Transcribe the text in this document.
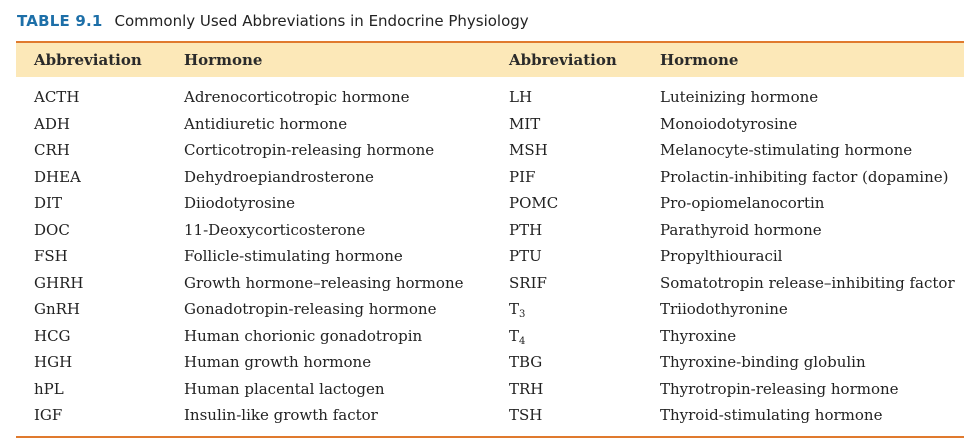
TABLE 9.1 Commonly Used Abbreviations in Endocrine Physiology
Abbreviation	Hormone	Abbreviation	Hormone
ACTH	Adrenocorticotropic hormone	LH	Luteinizing hormone
ADH	Antidiuretic hormone	MIT	Monoiodotyrosine
CRH	Corticotropin-releasing hormone	MSH	Melanocyte-stimulating hormone
DHEA	Dehydroepiandrosterone	PIF	Prolactin-inhibiting factor (dopamine)
DIT	Diiodotyrosine	POMC	Pro-opiomelanocortin
DOC	11-Deoxycorticosterone	PTH	Parathyroid hormone
FSH	Follicle-stimulating hormone	PTU	Propylthiouracil
GHRH	Growth hormone–releasing hormone	SRIF	Somatotropin release–inhibiting factor
GnRH	Gonadotropin-releasing hormone	$T_3$	Triiodothyronine
HCG	Human chorionic gonadotropin	$T_4$	Thyroxine
HGH	Human growth hormone	TBG	Thyroxine-binding globulin
hPL	Human placental lactogen	TRH	Thyrotropin-releasing hormone
IGF	Insulin-like growth factor	TSH	Thyroid-stimulating hormone
